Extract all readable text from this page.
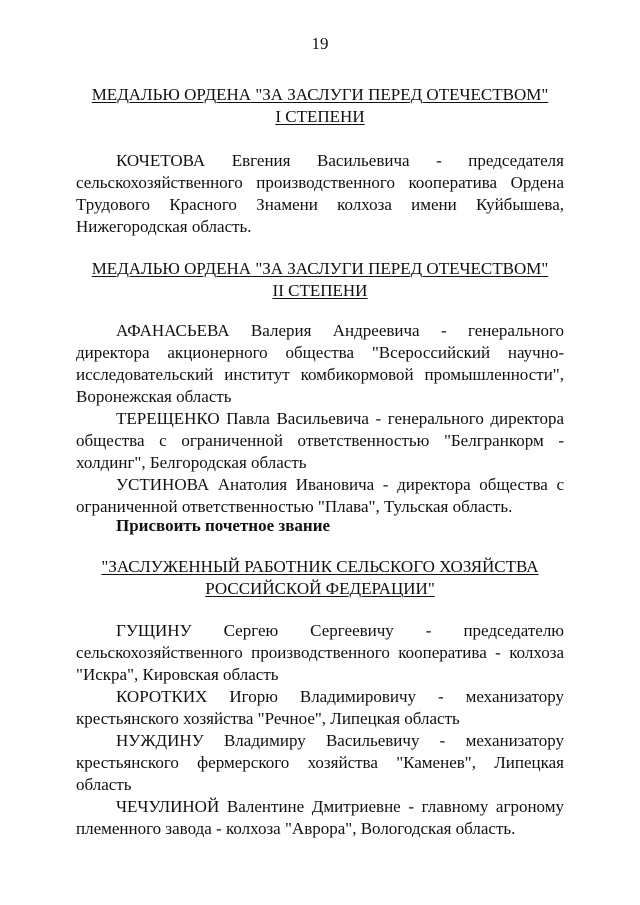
19
МЕДАЛЬЮ ОРДЕНА "ЗА ЗАСЛУГИ ПЕРЕД ОТЕЧЕСТВОМ"
I СТЕПЕНИ

КОЧЕТОВА Евгения Васильевича - председателя сельскохозяйственного производственного кооператива Ордена Трудового Красного Знамени колхоза имени Куйбышева, Нижегородская область.

МЕДАЛЬЮ ОРДЕНА "ЗА ЗАСЛУГИ ПЕРЕД ОТЕЧЕСТВОМ"
II СТЕПЕНИ

АФАНАСЬЕВА Валерия Андреевича - генерального директора акционерного общества "Всероссийский научно-исследовательский институт комбикормовой промышленности", Воронежская область

ТЕРЕЩЕНКО Павла Васильевича - генерального директора общества с ограниченной ответственностью "Белгранкорм - холдинг", Белгородская область

УСТИНОВА Анатолия Ивановича - директора общества с ограниченной ответственностью "Плава", Тульская область.

Присвоить почетное звание
"ЗАСЛУЖЕННЫЙ РАБОТНИК СЕЛЬСКОГО ХОЗЯЙСТВА
РОССИЙСКОЙ ФЕДЕРАЦИИ"

ГУЩИНУ Сергею Сергеевичу - председателю сельскохозяйственного производственного кооператива - колхоза "Искра", Кировская область

КОРОТКИХ Игорю Владимировичу - механизатору крестьянского хозяйства "Речное", Липецкая область

НУЖДИНУ Владимиру Васильевичу - механизатору крестьянского фермерского хозяйства "Каменев", Липецкая область

ЧЕЧУЛИНОЙ Валентине Дмитриевне - главному агроному племенного завода - колхоза "Аврора", Вологодская область.
